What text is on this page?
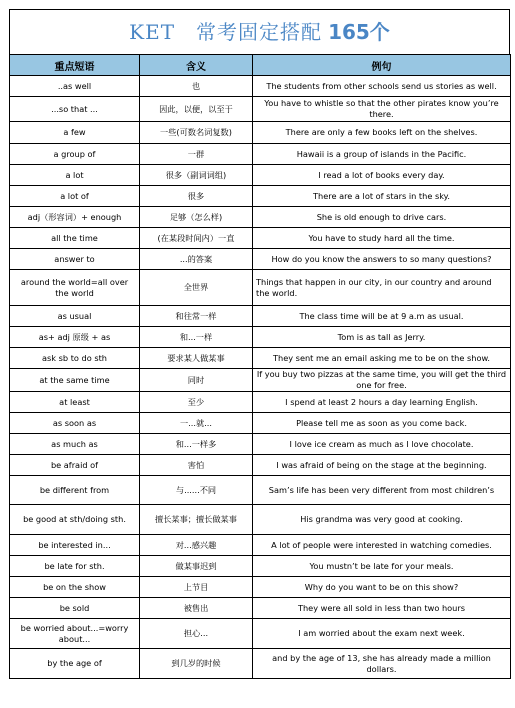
KET　常考固定搭配 165个
重点短语	含义	例句
..as well	也	The students from other schools send us stories as well.
...so that ...	因此，以便，以至于	You have to whistle so that the other pirates know you’re there.
a few	一些(可数名词复数)	There are only a few books left on the shelves.
a group of	一群	Hawaii is a group of islands in the Pacific.
a lot	很多（副词词组)	I read a lot of books every day.
a lot of	很多	There are a lot of stars in the sky.
adj（形容词）+ enough	足够（怎么样)	She is old enough to drive cars.
all the time	(在某段时间内）一直	You have to study hard all the time.
answer to	...的答案	How do you know the answers to so many questions?
around the world=all over the world	全世界	Things that happen in our city, in our country and around the world.
as usual	和往常一样	The class time will be at 9 a.m as usual.
as+ adj 原级 + as	和...一样	Tom is as tall as Jerry.
ask sb to do sth	要求某人做某事	They sent me an email asking me to be on the show.
at the same time	同时	If you buy two pizzas at the same time, you will get the third one for free.
at least	至少	I spend at least 2 hours a day learning English.
as soon as	一...就...	Please tell me as soon as you come back.
as much as	和...一样多	I love ice cream as much as I love chocolate.
be afraid of	害怕	I was afraid of being on the stage at the beginning.
be different from	与......不同	Sam’s life has been very different from most children’s
be good at sth/doing sth.	擅长某事；擅长做某事	His grandma was very good at cooking.
be interested in...	对...感兴趣	A lot of people were interested in watching comedies.
be late for sth.	做某事迟到	You mustn’t be late for your meals.
be on the show	上节目	Why do you want to be on this show?
be sold	被售出	They were all sold in less than two hours
be worried about...=worry about...	担心...	I am worried about the exam next week.
by the age of	到几岁的时候	and by the age of 13, she has already made a million dollars.
